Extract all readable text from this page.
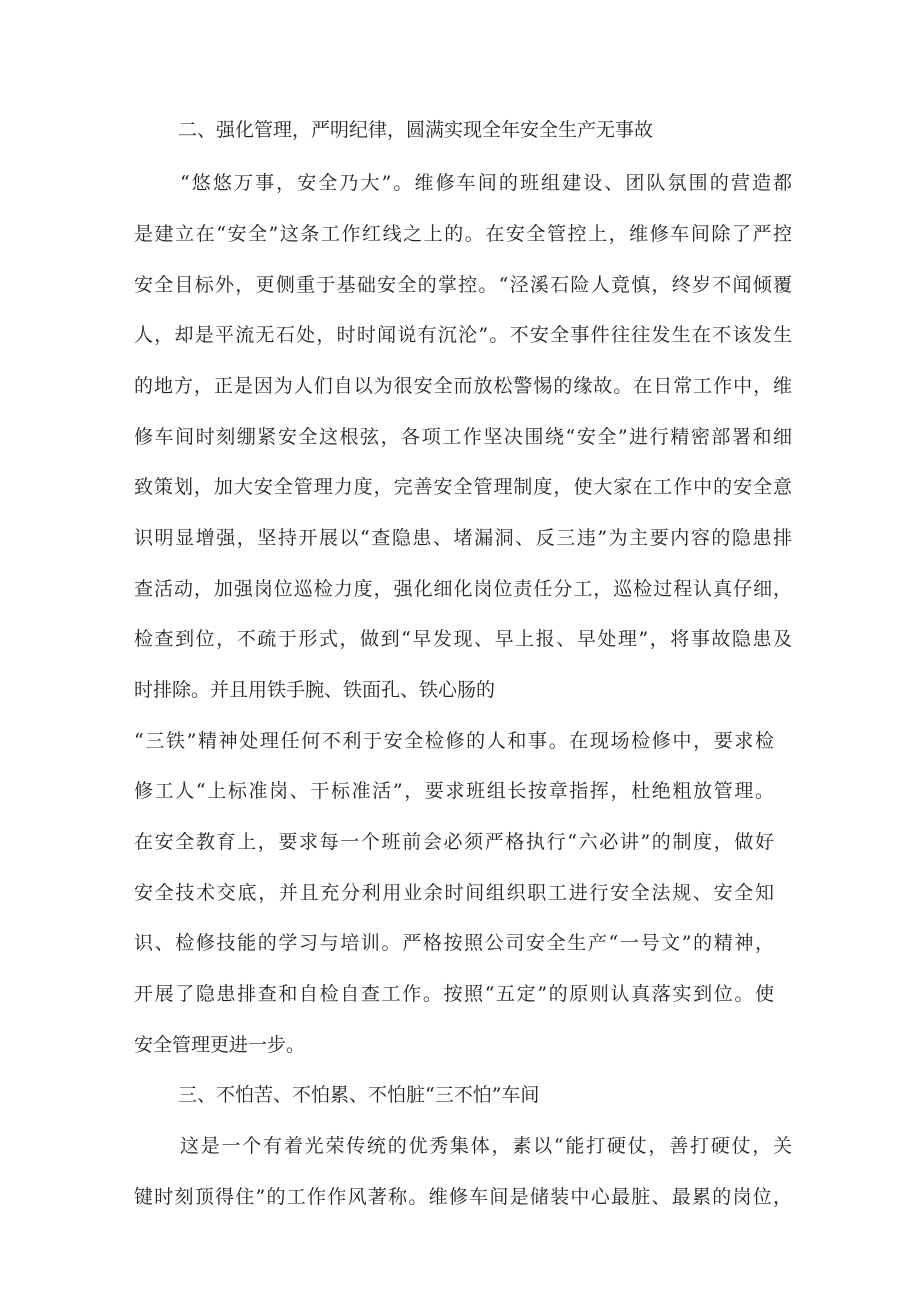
二、强化管理，严明纪律，圆满实现全年安全生产无事故
“悠悠万事，安全乃大”。维修车间的班组建设、团队氛围的营造都
是建立在“安全”这条工作红线之上的。在安全管控上，维修车间除了严控
安全目标外，更侧重于基础安全的掌控。“泾溪石险人竟慎，终岁不闻倾覆
人，却是平流无石处，时时闻说有沉沦”。不安全事件往往发生在不该发生
的地方，正是因为人们自以为很安全而放松警惕的缘故。在日常工作中，维
修车间时刻绷紧安全这根弦，各项工作坚决围绕“安全”进行精密部署和细
致策划，加大安全管理力度，完善安全管理制度，使大家在工作中的安全意
识明显增强，坚持开展以“查隐患、堵漏洞、反三违”为主要内容的隐患排
查活动，加强岗位巡检力度，强化细化岗位责任分工，巡检过程认真仔细，
检查到位，不疏于形式，做到“早发现、早上报、早处理”，将事故隐患及
时排除。并且用铁手腕、铁面孔、铁心肠的
“三铁”精神处理任何不利于安全检修的人和事。在现场检修中，要求检
修工人“上标准岗、干标准活”，要求班组长按章指挥，杜绝粗放管理。
在安全教育上，要求每一个班前会必须严格执行“六必讲”的制度，做好
安全技术交底，并且充分利用业余时间组织职工进行安全法规、安全知
识、检修技能的学习与培训。严格按照公司安全生产“一号文”的精神，
开展了隐患排查和自检自查工作。按照“五定”的原则认真落实到位。使
安全管理更进一步。
三、不怕苦、不怕累、不怕脏“三不怕”车间
这是一个有着光荣传统的优秀集体，素以“能打硬仗，善打硬仗，关
键时刻顶得住”的工作作风著称。维修车间是储装中心最脏、最累的岗位，
